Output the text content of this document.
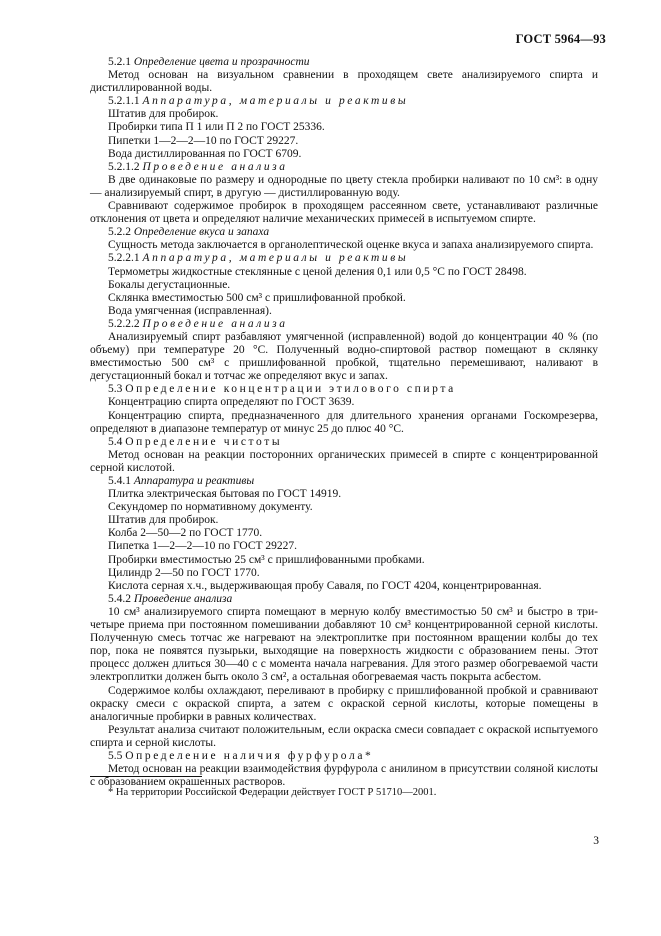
ГОСТ 5964—93

5.2.1 Определение цвета и прозрачности

Метод основан на визуальном сравнении в проходящем свете анализируемого спирта и дистиллированной воды.

5.2.1.1 Аппаратура, материалы и реактивы

Штатив для пробирок.

Пробирки типа П 1 или П 2 по ГОСТ 25336.

Пипетки 1—2—2—10 по ГОСТ 29227.

Вода дистиллированная по ГОСТ 6709.

5.2.1.2 Проведение анализа

В две одинаковые по размеру и однородные по цвету стекла пробирки наливают по 10 см³: в одну — анализируемый спирт, в другую — дистиллированную воду.

Сравнивают содержимое пробирок в проходящем рассеянном свете, устанавливают различные отклонения от цвета и определяют наличие механических примесей в испытуемом спирте.

5.2.2 Определение вкуса и запаха

Сущность метода заключается в органолептической оценке вкуса и запаха анализируемого спирта.

5.2.2.1 Аппаратура, материалы и реактивы

Термометры жидкостные стеклянные с ценой деления 0,1 или 0,5 °С по ГОСТ 28498.

Бокалы дегустационные.

Склянка вместимостью 500 см³ с пришлифованной пробкой.

Вода умягченная (исправленная).

5.2.2.2 Проведение анализа

Анализируемый спирт разбавляют умягченной (исправленной) водой до концентрации 40 % (по объему) при температуре 20 °С. Полученный водно-спиртовой раствор помещают в склянку вместимостью 500 см³ с пришлифованной пробкой, тщательно перемешивают, наливают в дегустационный бокал и тотчас же определяют вкус и запах.

5.3 Определение концентрации этилового спирта

Концентрацию спирта определяют по ГОСТ 3639.

Концентрацию спирта, предназначенного для длительного хранения органами Госкомрезерва, определяют в диапазоне температур от минус 25 до плюс 40 °С.

5.4 Определение чистоты

Метод основан на реакции посторонних органических примесей в спирте с концентрированной серной кислотой.

5.4.1 Аппаратура и реактивы

Плитка электрическая бытовая по ГОСТ 14919.

Секундомер по нормативному документу.

Штатив для пробирок.

Колба 2—50—2 по ГОСТ 1770.

Пипетка 1—2—2—10 по ГОСТ 29227.

Пробирки вместимостью 25 см³ с пришлифованными пробками.

Цилиндр 2—50 по ГОСТ 1770.

Кислота серная х.ч., выдерживающая пробу Саваля, по ГОСТ 4204, концентрированная.

5.4.2 Проведение анализа

10 см³ анализируемого спирта помещают в мерную колбу вместимостью 50 см³ и быстро в три-четыре приема при постоянном помешивании добавляют 10 см³ концентрированной серной кислоты. Полученную смесь тотчас же нагревают на электроплитке при постоянном вращении колбы до тех пор, пока не появятся пузырьки, выходящие на поверхность жидкости с образованием пены. Этот процесс должен длиться 30—40 с с момента начала нагревания. Для этого размер обогреваемой части электроплитки должен быть около 3 см², а остальная обогреваемая часть покрыта асбестом.

Содержимое колбы охлаждают, переливают в пробирку с пришлифованной пробкой и сравнивают окраску смеси с окраской спирта, а затем с окраской серной кислоты, которые помещены в аналогичные пробирки в равных количествах.

Результат анализа считают положительным, если окраска смеси совпадает с окраской испытуемого спирта и серной кислоты.

5.5 Определение наличия фурфурола*

Метод основан на реакции взаимодействия фурфурола с анилином в присутствии соляной кислоты с образованием окрашенных растворов.

* На территории Российской Федерации действует ГОСТ Р 51710—2001.
3
